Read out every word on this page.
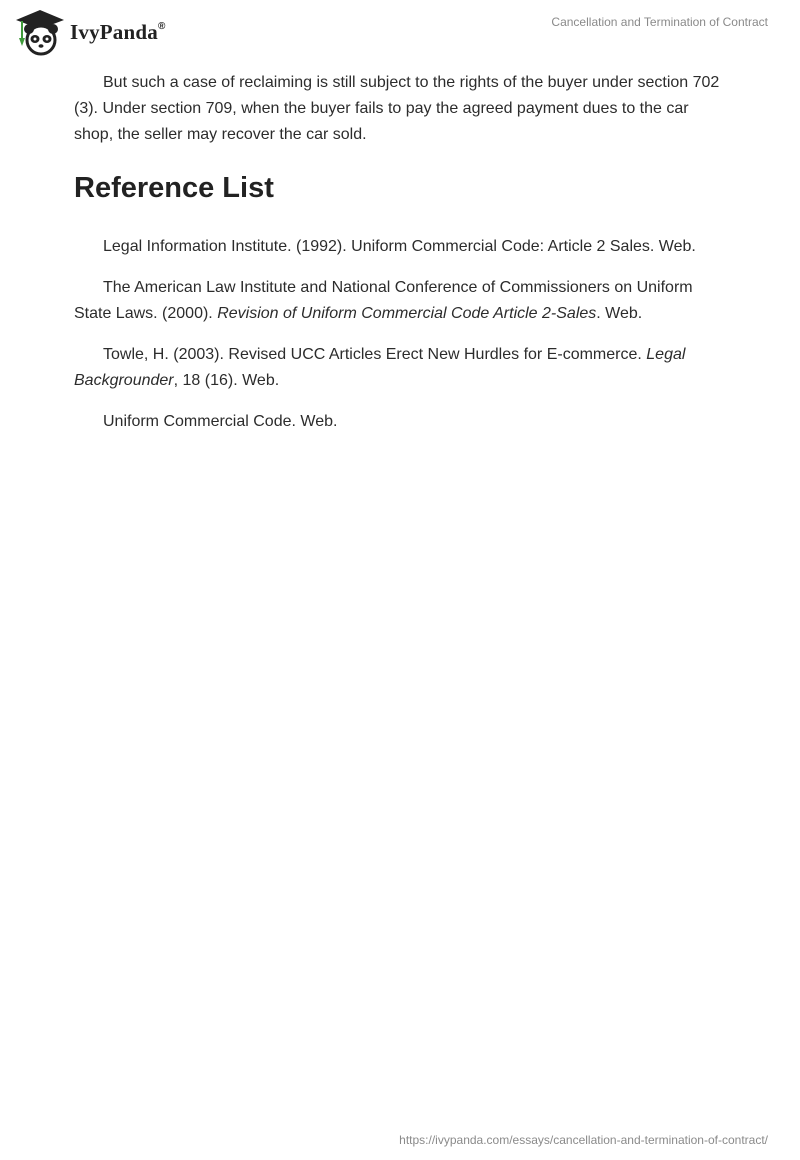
IvyPanda®	Cancellation and Termination of Contract

But such a case of reclaiming is still subject to the rights of the buyer under section 702 (3). Under section 709, when the buyer fails to pay the agreed payment dues to the car shop, the seller may recover the car sold.

Reference List

Legal Information Institute. (1992). Uniform Commercial Code: Article 2 Sales. Web.

The American Law Institute and National Conference of Commissioners on Uniform State Laws. (2000). Revision of Uniform Commercial Code Article 2-Sales. Web.

Towle, H. (2003). Revised UCC Articles Erect New Hurdles for E-commerce. Legal Backgrounder, 18 (16). Web.

Uniform Commercial Code. Web.

https://ivypanda.com/essays/cancellation-and-termination-of-contract/
